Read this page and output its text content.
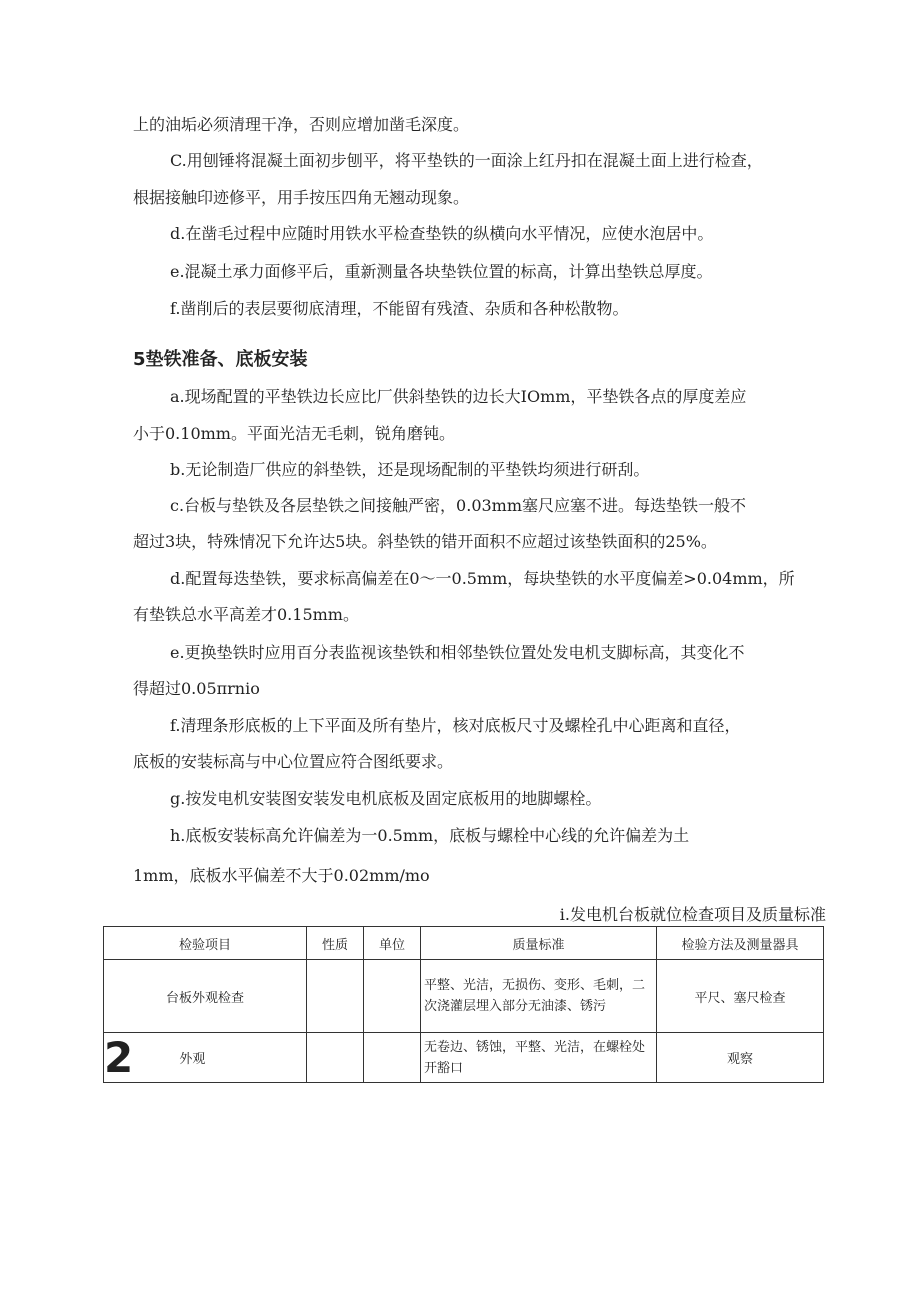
上的油垢必须清理干净，否则应增加凿毛深度。
C.用刨锤将混凝土面初步刨平，将平垫铁的一面涂上红丹扣在混凝土面上进行检查，
根据接触印迹修平，用手按压四角无翘动现象。
d.在凿毛过程中应随时用铁水平检查垫铁的纵横向水平情况，应使水泡居中。
e.混凝土承力面修平后，重新测量各块垫铁位置的标高，计算出垫铁总厚度。
f.凿削后的表层要彻底清理，不能留有残渣、杂质和各种松散物。
5垫铁准备、底板安装
a.现场配置的平垫铁边长应比厂供斜垫铁的边长大IOmm，平垫铁各点的厚度差应
小于0.10mm。平面光洁无毛刺，锐角磨钝。
b.无论制造厂供应的斜垫铁，还是现场配制的平垫铁均须进行研刮。
c.台板与垫铁及各层垫铁之间接触严密，0.03mm塞尺应塞不进。每迭垫铁一般不
超过3块，特殊情况下允许达5块。斜垫铁的错开面积不应超过该垫铁面积的25%。
d.配置每迭垫铁，要求标高偏差在0～一0.5mm，每块垫铁的水平度偏差>0.04mm，所
有垫铁总水平高差才0.15mm。
e.更换垫铁时应用百分表监视该垫铁和相邻垫铁位置处发电机支脚标高，其变化不
得超过0.05πrnio
f.清理条形底板的上下平面及所有垫片，核对底板尺寸及螺栓孔中心距离和直径，
底板的安装标高与中心位置应符合图纸要求。
g.按发电机安装图安装发电机底板及固定底板用的地脚螺栓。
h.底板安装标高允许偏差为一0.5mm，底板与螺栓中心线的允许偏差为土
1mm，底板水平偏差不大于0.02mm∕mo
i.发电机台板就位检查项目及质量标准
检验项目	性质	单位	质量标准	检验方法及测量器具
台板外观检查			平整、光洁，无损伤、变形、毛刺，二次浇灌层埋入部分无油漆、锈污	平尺、塞尺检查
2 外观			无卷边、锈蚀，平整、光洁，在螺栓处开豁口	观察
